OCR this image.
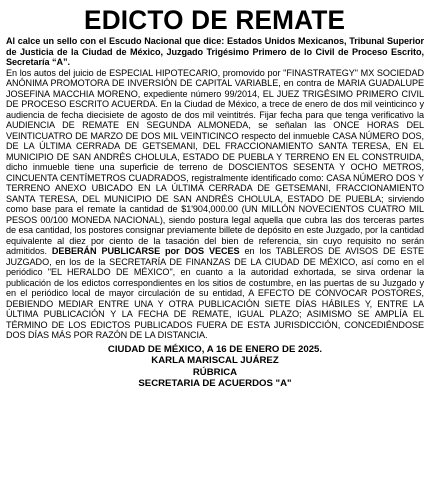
EDICTO DE REMATE

Al calce un sello con el Escudo Nacional que dice: Estados Unidos Mexicanos, Tribunal Superior de Justicia de la Ciudad de México, Juzgado Trigésimo Primero de lo Civil de Proceso Escrito, Secretaría “A”.

En los autos del juicio de ESPECIAL HIPOTECARIO, promovido por "FINASTRATEGY" MX SOCIEDAD ANÓNIMA PROMOTORA DE INVERSIÓN DE CAPITAL VARIABLE, en contra de MARIA GUADALUPE JOSEFINA MACCHIA MORENO, expediente número 99/2014, EL JUEZ TRIGÉSIMO PRIMERO CIVIL DE PROCESO ESCRITO ACUERDA. En la Ciudad de México, a trece de enero de dos mil veinticinco y audiencia de fecha diecisiete de agosto de dos mil veintitrés. Fijar fecha para que tenga verificativo la AUDIENCIA DE REMATE EN SEGUNDA ALMONEDA, se señalan las ONCE HORAS DEL VEINTICUATRO DE MARZO DE DOS MIL VEINTICINCO respecto del inmueble CASA NÚMERO DOS, DE LA ÚLTIMA CERRADA DE GETSEMANI, DEL FRACCIONAMIENTO SANTA TERESA, EN EL MUNICIPIO DE SAN ANDRÉS CHOLULA, ESTADO DE PUEBLA Y TERRENO EN EL CONSTRUIDA, dicho inmueble tiene una superficie de terreno de DOSCIENTOS SESENTA Y OCHO METROS, CINCUENTA CENTÍMETROS CUADRADOS, registralmente identificado como: CASA NÚMERO DOS Y TERRENO ANEXO UBICADO EN LA ÚLTIMA CERRADA DE GETSEMANI, FRACCIONAMIENTO SANTA TERESA, DEL MUNICIPIO DE SAN ANDRÉS CHOLULA, ESTADO DE PUEBLA; sirviendo como base para el remate la cantidad de $1'904,000.00 (UN MILLÓN NOVECIENTOS CUATRO MIL PESOS 00/100 MONEDA NACIONAL), siendo postura legal aquella que cubra las dos terceras partes de esa cantidad, los postores consignar previamente billete de depósito en este Juzgado, por la cantidad equivalente al diez por ciento de la tasación del bien de referencia, sin cuyo requisito no serán admitidos. DEBERÁN PUBLICARSE por DOS VECES en los TABLEROS DE AVISOS DE ESTE JUZGADO, en los de la SECRETARÍA DE FINANZAS DE LA CIUDAD DE MÉXICO, así como en el periódico "EL HERALDO DE MÉXICO", en cuanto a la autoridad exhortada, se sirva ordenar la publicación de los edictos correspondientes en los sitios de costumbre, en las puertas de su Juzgado y en el periódico local de mayor circulación de su entidad, A EFECTO DE CONVOCAR POSTORES, DEBIENDO MEDIAR ENTRE UNA Y OTRA PUBLICACIÓN SIETE DÍAS HÁBILES Y, ENTRE LA ÚLTIMA PUBLICACIÓN Y LA FECHA DE REMATE, IGUAL PLAZO; ASIMISMO SE AMPLÍA EL TÉRMINO DE LOS EDICTOS PUBLICADOS FUERA DE ESTA JURISDICCIÓN, CONCEDIÉNDOSE DOS DÍAS MÁS POR RAZÓN DE LA DISTANCIA.

CIUDAD DE MÉXICO, A 16 DE ENERO DE 2025.
KARLA MARISCAL JUÁREZ
RÚBRICA
SECRETARIA DE ACUERDOS "A"
